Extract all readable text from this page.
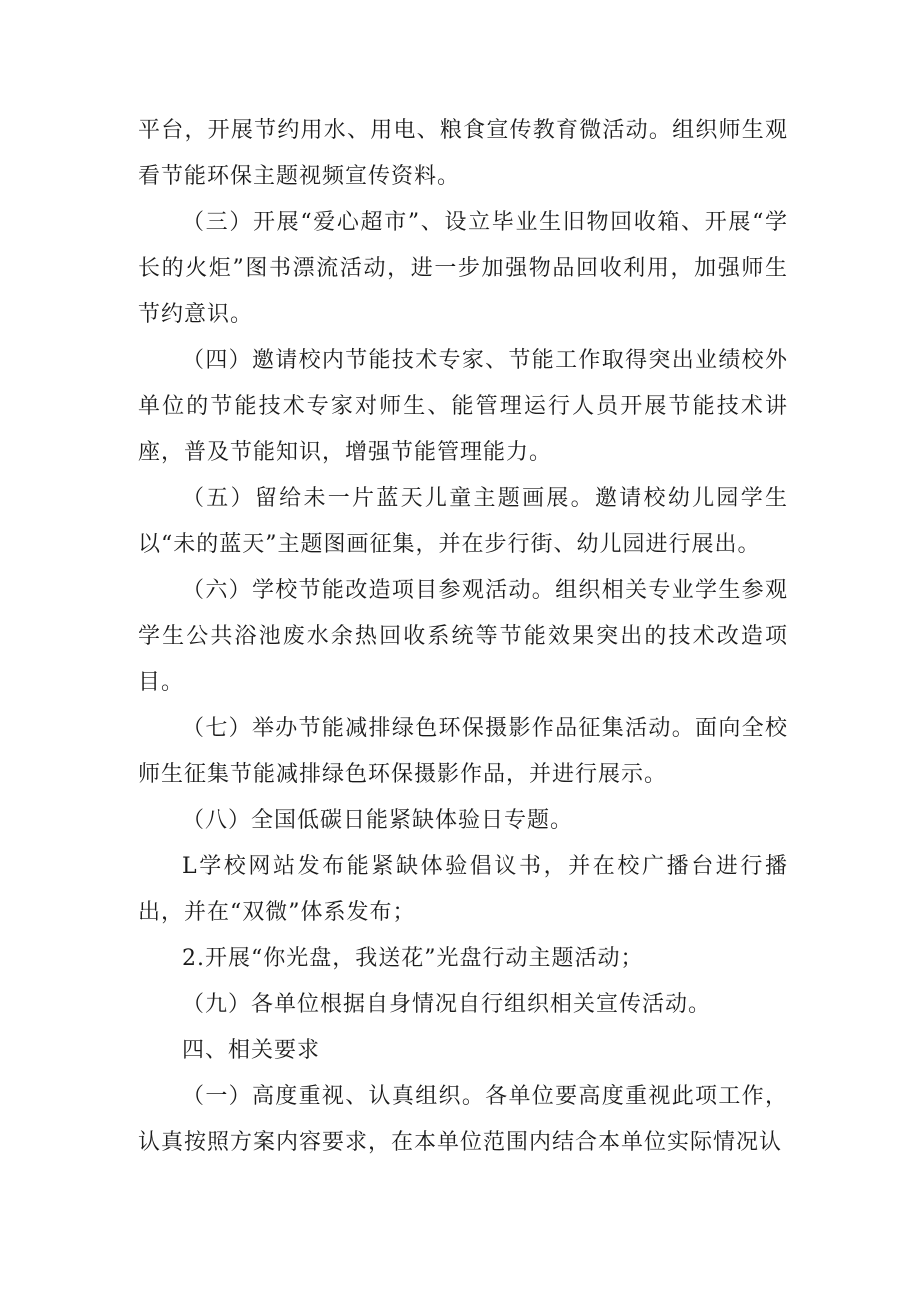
平台，开展节约用水、用电、粮食宣传教育微活动。组织师生观看节能环保主题视频宣传资料。

（三）开展“爱心超市”、设立毕业生旧物回收箱、开展“学长的火炬”图书漂流活动，进一步加强物品回收利用，加强师生节约意识。

（四）邀请校内节能技术专家、节能工作取得突出业绩校外单位的节能技术专家对师生、能管理运行人员开展节能技术讲座，普及节能知识，增强节能管理能力。

（五）留给未一片蓝天儿童主题画展。邀请校幼儿园学生以“未的蓝天”主题图画征集，并在步行街、幼儿园进行展出。

（六）学校节能改造项目参观活动。组织相关专业学生参观学生公共浴池废水余热回收系统等节能效果突出的技术改造项目。

（七）举办节能减排绿色环保摄影作品征集活动。面向全校师生征集节能减排绿色环保摄影作品，并进行展示。

（八）全国低碳日能紧缺体验日专题。

L学校网站发布能紧缺体验倡议书，并在校广播台进行播出，并在“双微”体系发布；

2.开展“你光盘，我送花”光盘行动主题活动；

（九）各单位根据自身情况自行组织相关宣传活动。

四、相关要求

（一）高度重视、认真组织。各单位要高度重视此项工作，认真按照方案内容要求，在本单位范围内结合本单位实际情况认
